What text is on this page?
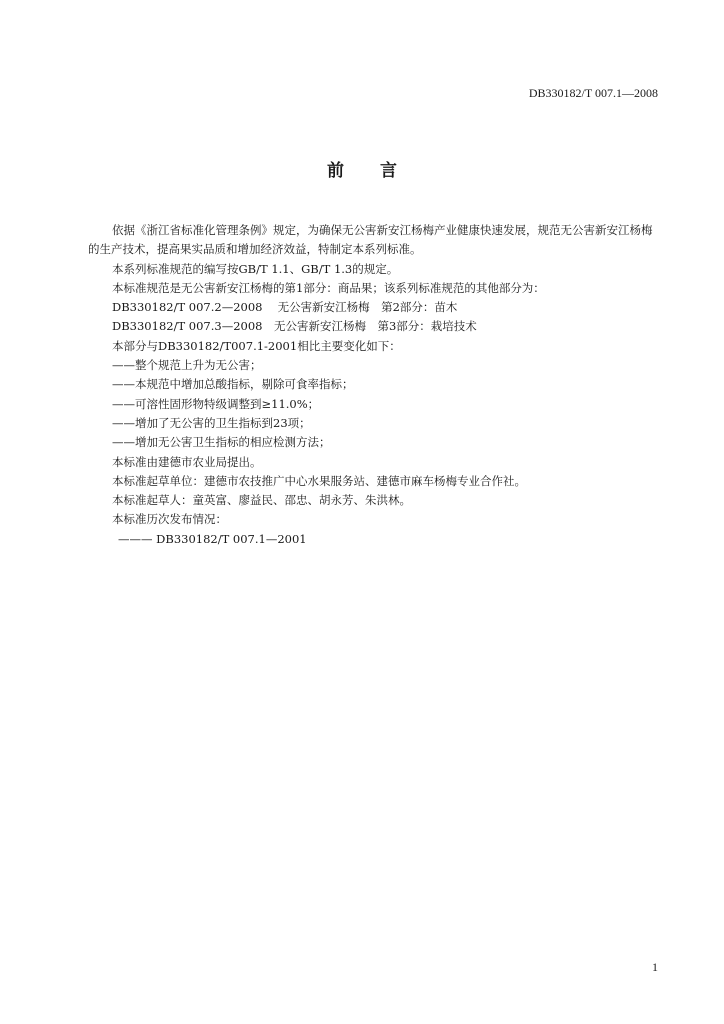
DB330182/T 007.1—2008
前言
依据《浙江省标准化管理条例》规定，为确保无公害新安江杨梅产业健康快速发展，规范无公害新安江杨梅的生产技术，提高果实品质和增加经济效益，特制定本系列标准。
本系列标准规范的编写按GB/T 1.1、GB/T 1.3的规定。
本标准规范是无公害新安江杨梅的第1部分：商品果；该系列标准规范的其他部分为：
DB330182/T 007.2—2008　 无公害新安江杨梅　第2部分：苗木
DB330182/T 007.3—2008　无公害新安江杨梅　第3部分：栽培技术
本部分与DB330182/T007.1-2001相比主要变化如下：
——整个规范上升为无公害；
——本规范中增加总酸指标，剔除可食率指标；
——可溶性固形物特级调整到≥11.0%；
——增加了无公害的卫生指标到23项；
——增加无公害卫生指标的相应检测方法；
本标准由建德市农业局提出。
本标准起草单位：建德市农技推广中心水果服务站、建德市麻车杨梅专业合作社。
本标准起草人：童英富、廖益民、邵忠、胡永芳、朱洪林。
本标准历次发布情况：
——— DB330182/T 007.1—2001
1
